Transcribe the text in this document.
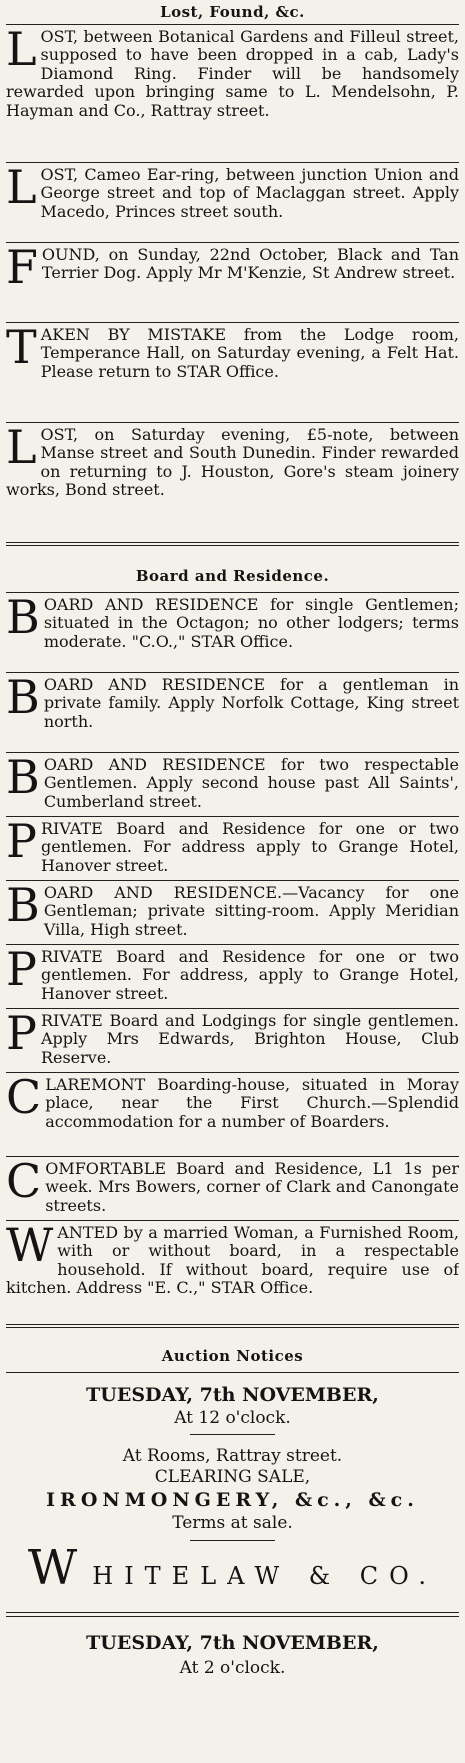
Lost, Found, &c.
LOST, between Botanical Gardens and Filleul street, supposed to have been dropped in a cab, Lady's Diamond Ring. Finder will be handsomely rewarded upon bringing same to L. Mendelsohn, P. Hayman and Co., Rattray street.
LOST, Cameo Ear-ring, between junction Union and George street and top of Maclaggan street. Apply Macedo, Princes street south.
FOUND, on Sunday, 22nd October, Black and Tan Terrier Dog. Apply Mr M'Kenzie, St Andrew street.
TAKEN BY MISTAKE from the Lodge room, Temperance Hall, on Saturday evening, a Felt Hat. Please return to STAR Office.
LOST, on Saturday evening, £5-note, between Manse street and South Dunedin. Finder rewarded on returning to J. Houston, Gore's steam joinery works, Bond street.
Board and Residence.
BOARD AND RESIDENCE for single Gentlemen; situated in the Octagon; no other lodgers; terms moderate. "C.O.," STAR Office.
BOARD AND RESIDENCE for a gentleman in private family. Apply Norfolk Cottage, King street north.
BOARD AND RESIDENCE for two respectable Gentlemen. Apply second house past All Saints', Cumberland street.
PRIVATE Board and Residence for one or two gentlemen. For address apply to Grange Hotel, Hanover street.
BOARD AND RESIDENCE.—Vacancy for one Gentleman; private sitting-room. Apply Meridian Villa, High street.
PRIVATE Board and Residence for one or two gentlemen. For address, apply to Grange Hotel, Hanover street.
PRIVATE Board and Lodgings for single gentlemen. Apply Mrs Edwards, Brighton House, Club Reserve.
CLAREMONT Boarding-house, situated in Moray place, near the First Church.—Splendid accommodation for a number of Boarders.
COMFORTABLE Board and Residence, L1 1s per week. Mrs Bowers, corner of Clark and Canongate streets.
WANTED by a married Woman, a Furnished Room, with or without board, in a respectable household. If without board, require use of kitchen. Address "E. C.," STAR Office.
Auction Notices
TUESDAY, 7th NOVEMBER,
At 12 o'clock.
At Rooms, Rattray street.
CLEARING SALE,
IRONMONGERY, &c., &c.
Terms at sale.
WHITELAW & CO.
TUESDAY, 7th NOVEMBER,
At 2 o'clock.
